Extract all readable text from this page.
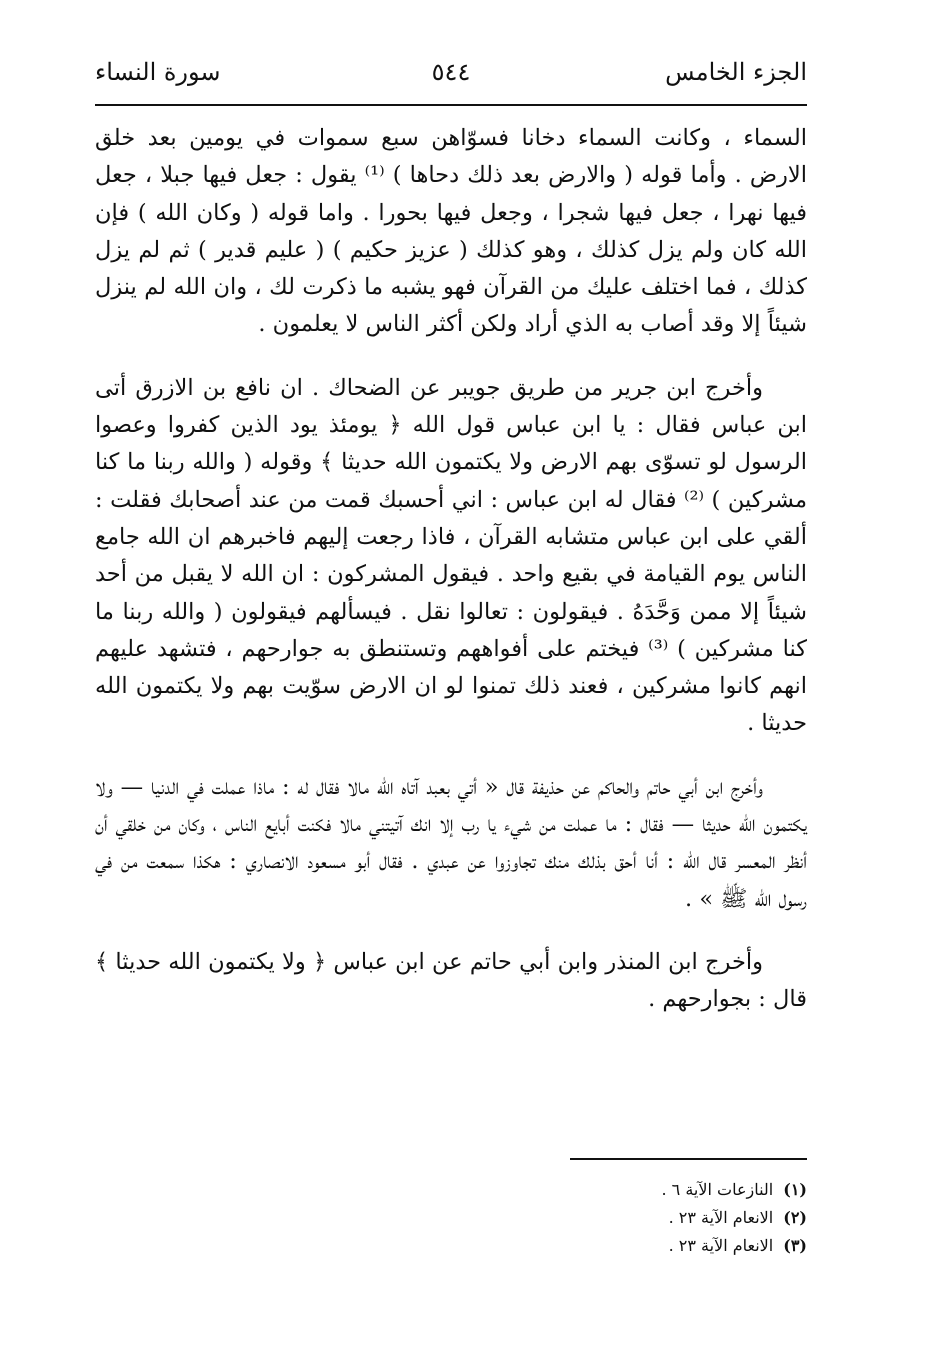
الجزء الخامس
٥٤٤
سورة النساء

السماء ، وكانت السماء دخانا فسوّاهن سبع سموات في يومين بعد خلق الارض . وأما قوله ( والارض بعد ذلك دحاها ) ⁽¹⁾ يقول : جعل فيها جبلا ، جعل فيها نهرا ، جعل فيها شجرا ، وجعل فيها بحورا . واما قوله ( وكان الله ) فإن الله كان ولم يزل كذلك ، وهو كذلك ( عزيز حكيم ) ( عليم قدير ) ثم لم يزل كذلك ، فما اختلف عليك من القرآن فهو يشبه ما ذكرت لك ، وان الله لم ينزل شيئاً إلا وقد أصاب به الذي أراد ولكن أكثر الناس لا يعلمون .

وأخرج ابن جرير من طريق جويبر عن الضحاك . ان نافع بن الازرق أتى ابن عباس فقال : يا ابن عباس قول الله ﴿ يومئذ يود الذين كفروا وعصوا الرسول لو تسوّى بهم الارض ولا يكتمون الله حديثا ﴾ وقوله ( والله ربنا ما كنا مشركين ) ⁽²⁾ فقال له ابن عباس : اني أحسبك قمت من عند أصحابك فقلت : ألقي على ابن عباس متشابه القرآن ، فاذا رجعت إليهم فاخبرهم ان الله جامع الناس يوم القيامة في بقيع واحد . فيقول المشركون : ان الله لا يقبل من أحد شيئاً إلا ممن وَحَّدَهُ . فيقولون : تعالوا نقل . فيسألهم فيقولون ( والله ربنا ما كنا مشركين ) ⁽³⁾ فيختم على أفواههم وتستنطق به جوارحهم ، فتشهد عليهم انهم كانوا مشركين ، فعند ذلك تمنوا لو ان الارض سوّيت بهم ولا يكتمون الله حديثا .

وأخرج ابن أبي حاتم والحاكم عن حذيفة قال « أتي بعبد آتاه الله مالا فقال له : ماذا عملت في الدنيا — ولا يكتمون الله حديثا — فقال : ما عملت من شيء يا رب إلا انك آتيتني مالا فكنت أبايع الناس ، وكان من خلقي أن أنظر المعسر قال الله : أنا أحق بذلك منك تجاوزوا عن عبدي . فقال أبو مسعود الانصاري : هكذا سمعت من في رسول الله ﷺ » .

وأخرج ابن المنذر وابن أبي حاتم عن ابن عباس ﴿ ولا يكتمون الله حديثا ﴾ قال : بجوارحهم .

(١)النازعات الآية ٦ .
(٢)الانعام الآية ٢٣ .
(٣)الانعام الآية ٢٣ .
